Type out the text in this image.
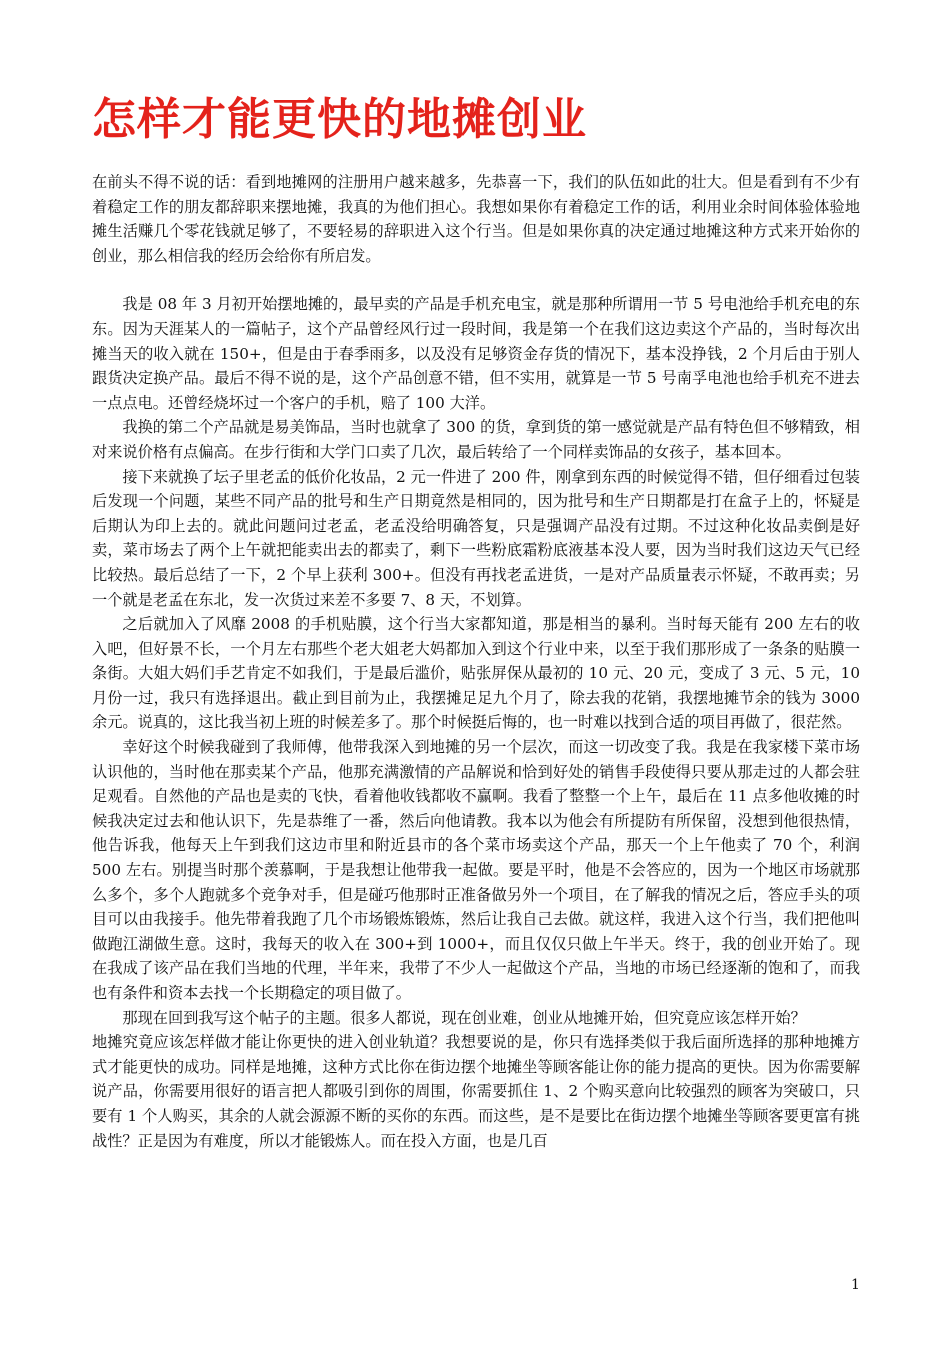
怎样才能更快的地摊创业

在前头不得不说的话：看到地摊网的注册用户越来越多，先恭喜一下，我们的队伍如此的壮大。但是看到有不少有着稳定工作的朋友都辞职来摆地摊，我真的为他们担心。我想如果你有着稳定工作的话，利用业余时间体验体验地摊生活赚几个零花钱就足够了，不要轻易的辞职进入这个行当。但是如果你真的决定通过地摊这种方式来开始你的创业，那么相信我的经历会给你有所启发。

我是 08 年 3 月初开始摆地摊的，最早卖的产品是手机充电宝，就是那种所谓用一节 5 号电池给手机充电的东东。因为天涯某人的一篇帖子，这个产品曾经风行过一段时间，我是第一个在我们这边卖这个产品的，当时每次出摊当天的收入就在 150+，但是由于春季雨多，以及没有足够资金存货的情况下，基本没挣钱，2 个月后由于别人跟货决定换产品。最后不得不说的是，这个产品创意不错，但不实用，就算是一节 5 号南孚电池也给手机充不进去一点点电。还曾经烧坏过一个客户的手机，赔了 100 大洋。

我换的第二个产品就是易美饰品，当时也就拿了 300 的货，拿到货的第一感觉就是产品有特色但不够精致，相对来说价格有点偏高。在步行街和大学门口卖了几次，最后转给了一个同样卖饰品的女孩子，基本回本。

接下来就换了坛子里老孟的低价化妆品，2 元一件进了 200 件，刚拿到东西的时候觉得不错，但仔细看过包装后发现一个问题，某些不同产品的批号和生产日期竟然是相同的，因为批号和生产日期都是打在盒子上的，怀疑是后期认为印上去的。就此问题问过老孟，老孟没给明确答复，只是强调产品没有过期。不过这种化妆品卖倒是好卖，菜市场去了两个上午就把能卖出去的都卖了，剩下一些粉底霜粉底液基本没人要，因为当时我们这边天气已经比较热。最后总结了一下，2 个早上获利 300+。但没有再找老孟进货，一是对产品质量表示怀疑，不敢再卖；另一个就是老孟在东北，发一次货过来差不多要 7、8 天，不划算。

之后就加入了风靡 2008 的手机贴膜，这个行当大家都知道，那是相当的暴利。当时每天能有 200 左右的收入吧，但好景不长，一个月左右那些个老大姐老大妈都加入到这个行业中来，以至于我们那形成了一条条的贴膜一条街。大姐大妈们手艺肯定不如我们，于是最后滥价，贴张屏保从最初的 10 元、20 元，变成了 3 元、5 元，10 月份一过，我只有选择退出。截止到目前为止，我摆摊足足九个月了，除去我的花销，我摆地摊节余的钱为 3000 余元。说真的，这比我当初上班的时候差多了。那个时候挺后悔的，也一时难以找到合适的项目再做了，很茫然。

幸好这个时候我碰到了我师傅，他带我深入到地摊的另一个层次，而这一切改变了我。我是在我家楼下菜市场认识他的，当时他在那卖某个产品，他那充满激情的产品解说和恰到好处的销售手段使得只要从那走过的人都会驻足观看。自然他的产品也是卖的飞快，看着他收钱都收不赢啊。我看了整整一个上午，最后在 11 点多他收摊的时候我决定过去和他认识下，先是恭维了一番，然后向他请教。我本以为他会有所提防有所保留，没想到他很热情，他告诉我，他每天上午到我们这边市里和附近县市的各个菜市场卖这个产品，那天一个上午他卖了 70 个，利润 500 左右。别提当时那个羡慕啊，于是我想让他带我一起做。要是平时，他是不会答应的，因为一个地区市场就那么多个，多个人跑就多个竞争对手，但是碰巧他那时正准备做另外一个项目，在了解我的情况之后，答应手头的项目可以由我接手。他先带着我跑了几个市场锻炼锻炼，然后让我自己去做。就这样，我进入这个行当，我们把他叫做跑江湖做生意。这时，我每天的收入在 300+到 1000+，而且仅仅只做上午半天。终于，我的创业开始了。现在我成了该产品在我们当地的代理，半年来，我带了不少人一起做这个产品，当地的市场已经逐渐的饱和了，而我也有条件和资本去找一个长期稳定的项目做了。

那现在回到我写这个帖子的主题。很多人都说，现在创业难，创业从地摊开始，但究竟应该怎样开始？

地摊究竟应该怎样做才能让你更快的进入创业轨道？我想要说的是，你只有选择类似于我后面所选择的那种地摊方式才能更快的成功。同样是地摊，这种方式比你在街边摆个地摊坐等顾客能让你的能力提高的更快。因为你需要解说产品，你需要用很好的语言把人都吸引到你的周围，你需要抓住 1、2 个购买意向比较强烈的顾客为突破口，只要有 1 个人购买，其余的人就会源源不断的买你的东西。而这些，是不是要比在街边摆个地摊坐等顾客要更富有挑战性？正是因为有难度，所以才能锻炼人。而在投入方面，也是几百

1
